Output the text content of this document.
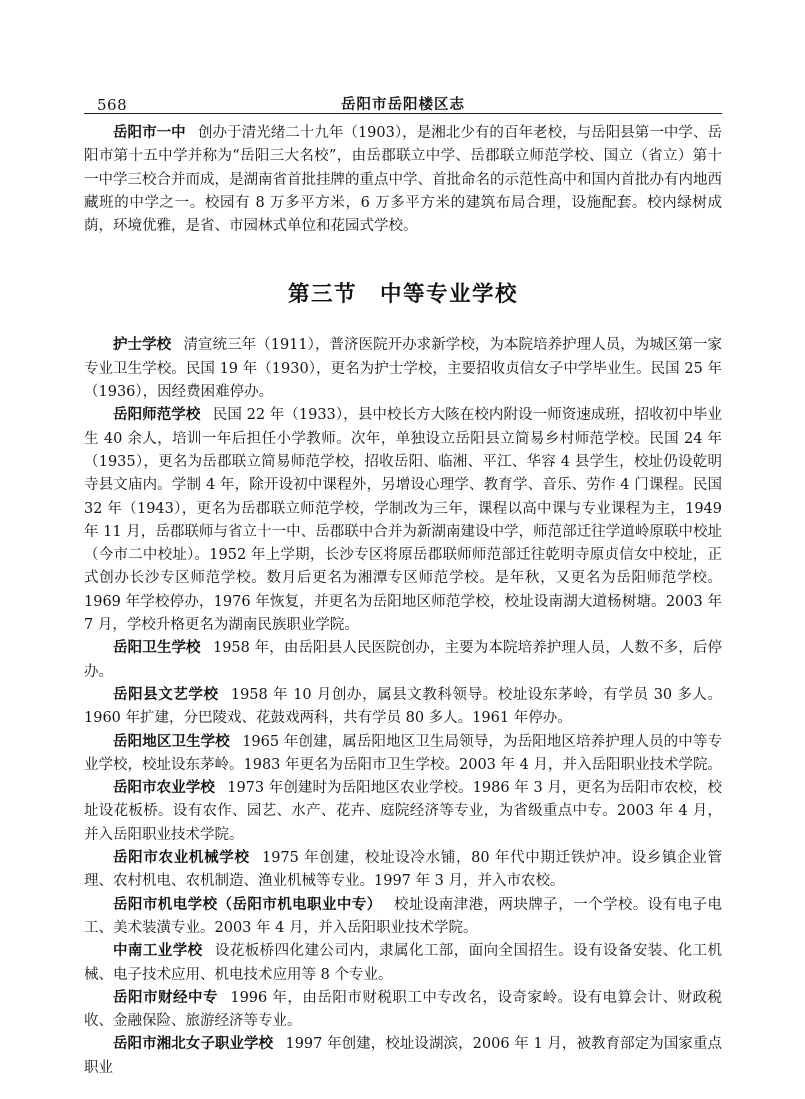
568	岳阳市岳阳楼区志

岳阳市一中 创办于清光绪二十九年（1903），是湘北少有的百年老校，与岳阳县第一中学、岳阳市第十五中学并称为“岳阳三大名校”，由岳郡联立中学、岳郡联立师范学校、国立（省立）第十一中学三校合并而成，是湖南省首批挂牌的重点中学、首批命名的示范性高中和国内首批办有内地西藏班的中学之一。校园有 8 万多平方米，6 万多平方米的建筑布局合理，设施配套。校内绿树成荫，环境优雅，是省、市园林式单位和花园式学校。

第三节　中等专业学校

护士学校 清宣统三年（1911），普济医院开办求新学校，为本院培养护理人员，为城区第一家专业卫生学校。民国 19 年（1930），更名为护士学校，主要招收贞信女子中学毕业生。民国 25 年（1936），因经费困难停办。

岳阳师范学校 民国 22 年（1933），县中校长方大陔在校内附设一师资速成班，招收初中毕业生 40 余人，培训一年后担任小学教师。次年，单独设立岳阳县立简易乡村师范学校。民国 24 年（1935），更名为岳郡联立简易师范学校，招收岳阳、临湘、平江、华容 4 县学生，校址仍设乾明寺县文庙内。学制 4 年，除开设初中课程外，另增设心理学、教育学、音乐、劳作 4 门课程。民国 32 年（1943），更名为岳郡联立师范学校，学制改为三年，课程以高中课与专业课程为主，1949 年 11 月，岳郡联师与省立十一中、岳郡联中合并为新湖南建设中学，师范部迁往学道岭原联中校址（今市二中校址）。1952 年上学期，长沙专区将原岳郡联师师范部迁往乾明寺原贞信女中校址，正式创办长沙专区师范学校。数月后更名为湘潭专区师范学校。是年秋，又更名为岳阳师范学校。1969 年学校停办，1976 年恢复，并更名为岳阳地区师范学校，校址设南湖大道杨树塘。2003 年 7 月，学校升格更名为湖南民族职业学院。

岳阳卫生学校 1958 年，由岳阳县人民医院创办，主要为本院培养护理人员，人数不多，后停办。

岳阳县文艺学校 1958 年 10 月创办，属县文教科领导。校址设东茅岭，有学员 30 多人。1960 年扩建，分巴陵戏、花鼓戏两科，共有学员 80 多人。1961 年停办。

岳阳地区卫生学校 1965 年创建，属岳阳地区卫生局领导，为岳阳地区培养护理人员的中等专业学校，校址设东茅岭。1983 年更名为岳阳市卫生学校。2003 年 4 月，并入岳阳职业技术学院。

岳阳市农业学校 1973 年创建时为岳阳地区农业学校。1986 年 3 月，更名为岳阳市农校，校址设花板桥。设有农作、园艺、水产、花卉、庭院经济等专业，为省级重点中专。2003 年 4 月，并入岳阳职业技术学院。

岳阳市农业机械学校 1975 年创建，校址设冷水铺，80 年代中期迁铁炉冲。设乡镇企业管理、农村机电、农机制造、渔业机械等专业。1997 年 3 月，并入市农校。

岳阳市机电学校（岳阳市机电职业中专） 校址设南津港，两块牌子，一个学校。设有电子电工、美术装潢专业。2003 年 4 月，并入岳阳职业技术学院。

中南工业学校 设花板桥四化建公司内，隶属化工部，面向全国招生。设有设备安装、化工机械、电子技术应用、机电技术应用等 8 个专业。

岳阳市财经中专 1996 年，由岳阳市财税职工中专改名，设奇家岭。设有电算会计、财政税收、金融保险、旅游经济等专业。

岳阳市湘北女子职业学校 1997 年创建，校址设湖滨，2006 年 1 月，被教育部定为国家重点职业
